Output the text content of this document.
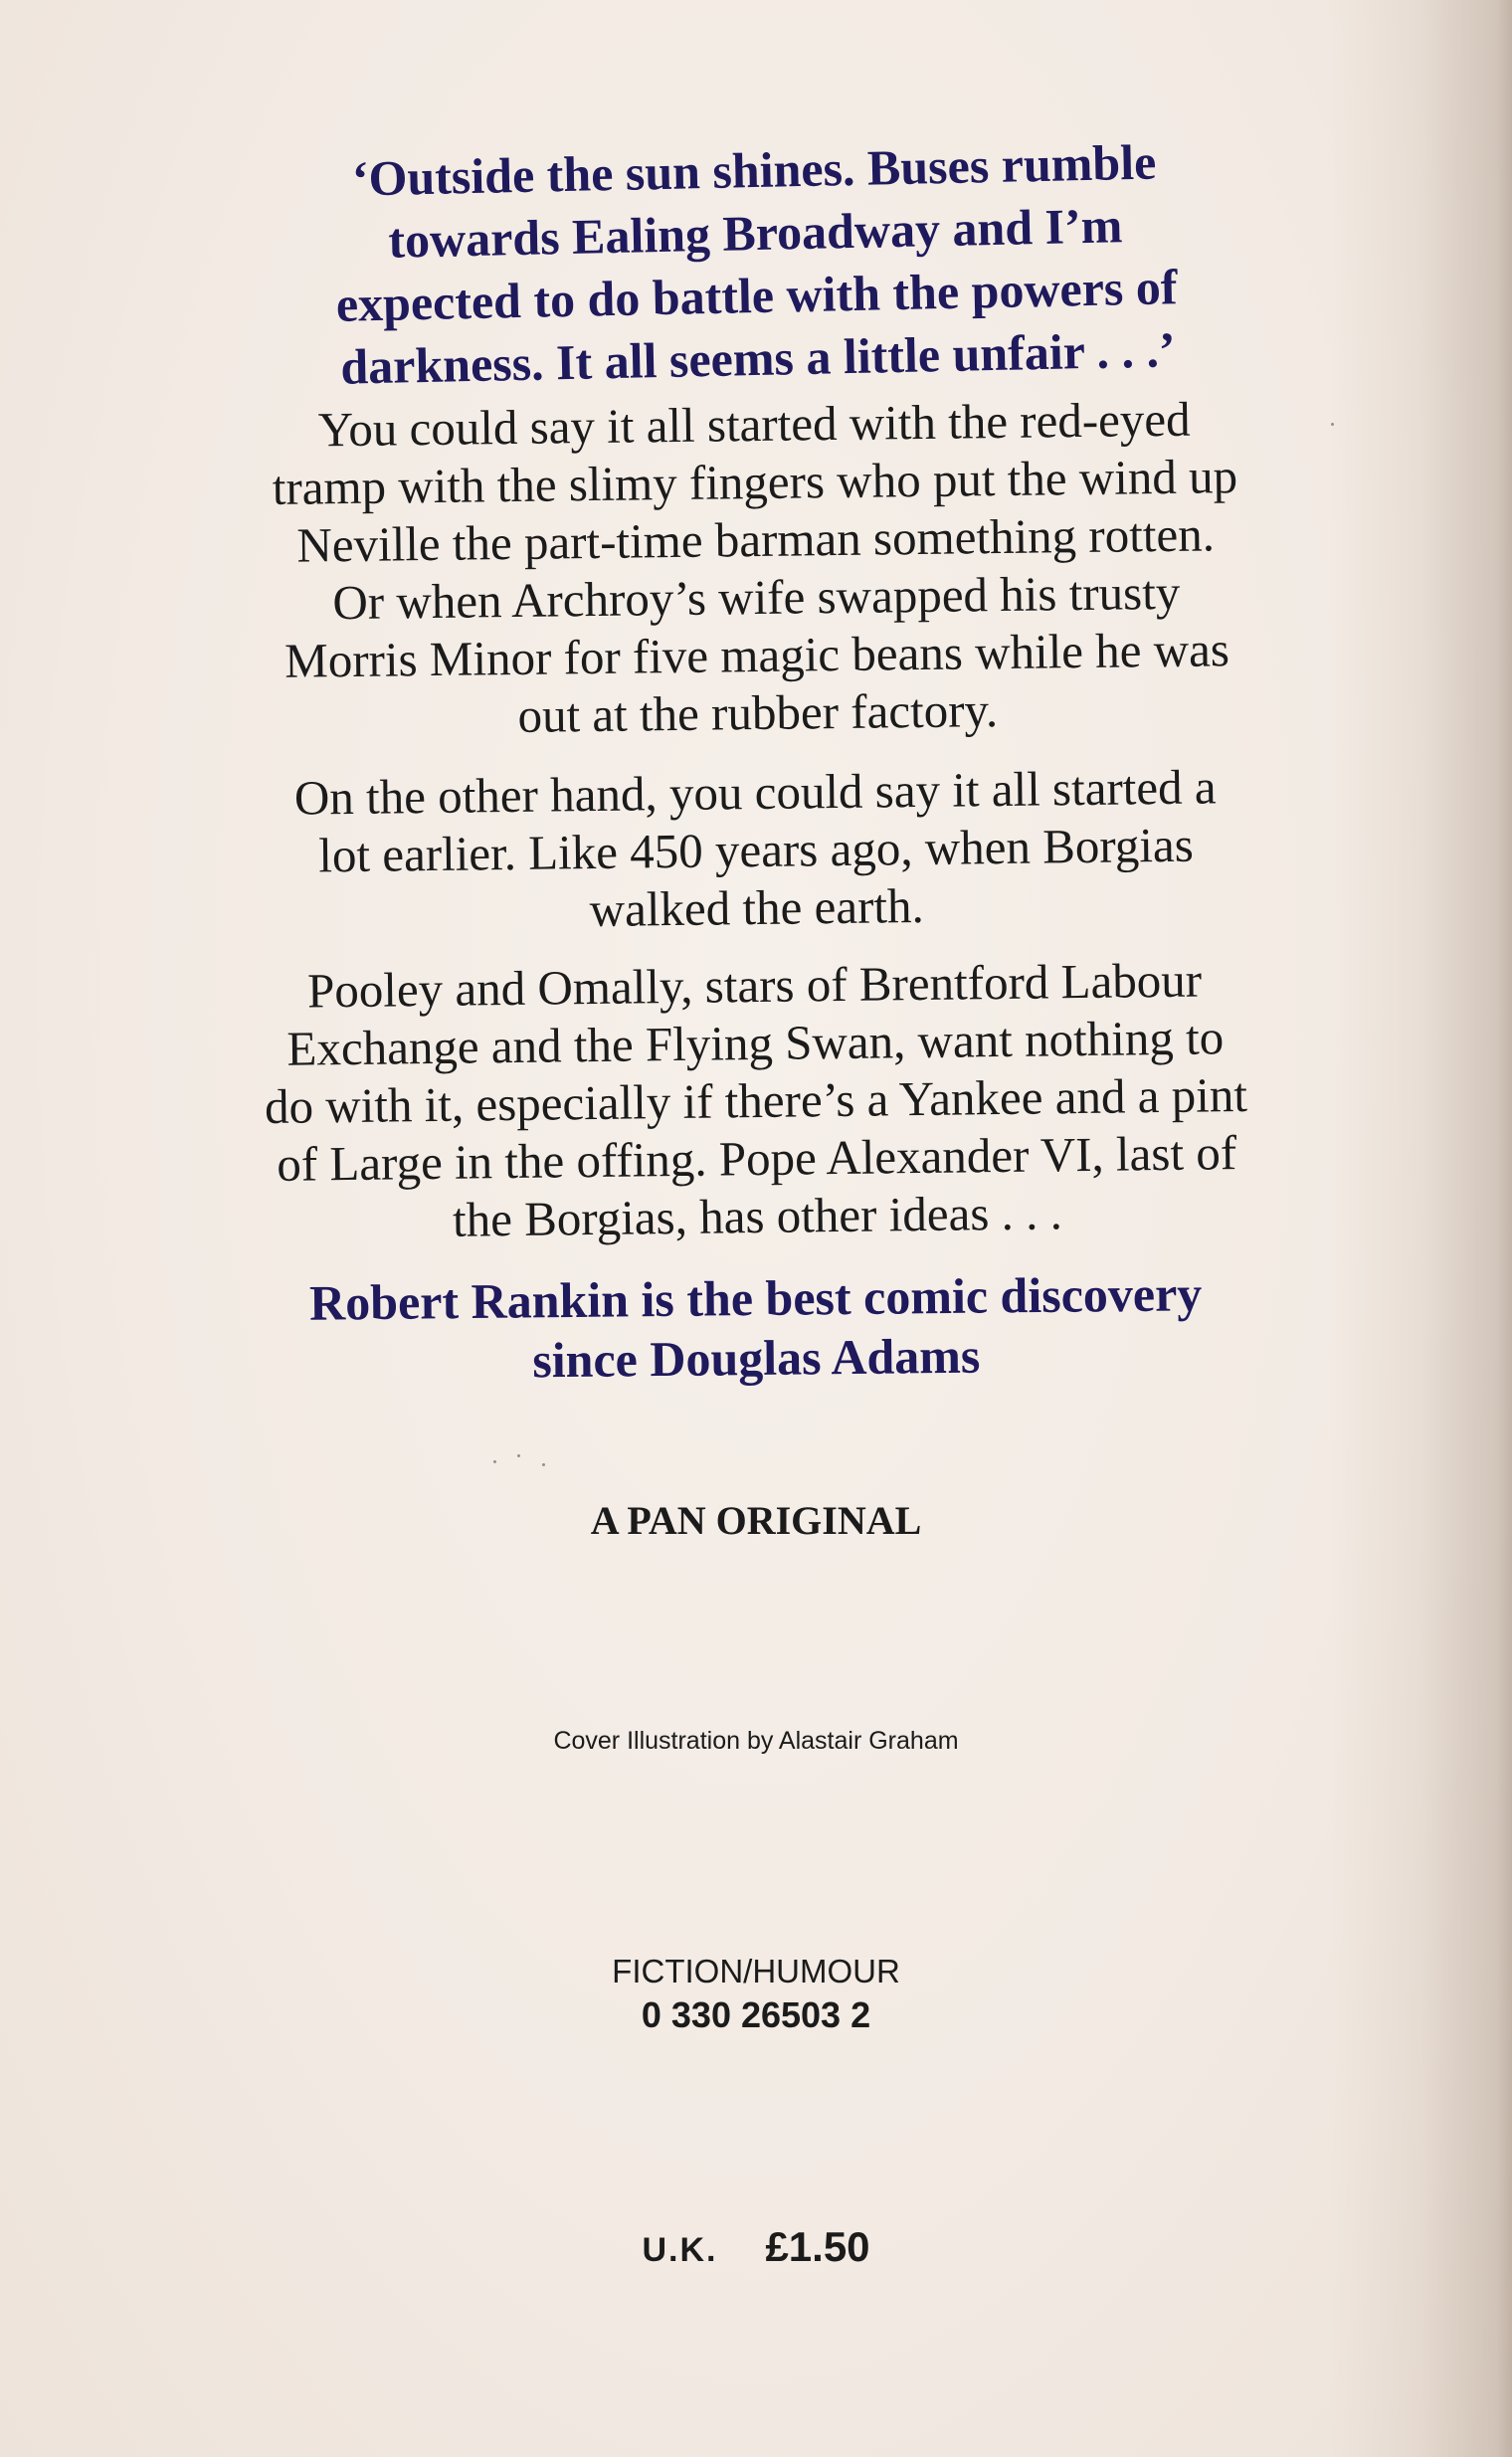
‘Outside the sun shines. Buses rumble
towards Ealing Broadway and I’m
expected to do battle with the powers of
darkness. It all seems a little unfair . . .’

You could say it all started with the red-eyed
tramp with the slimy fingers who put the wind up
Neville the part-time barman something rotten.
Or when Archroy’s wife swapped his trusty
Morris Minor for five magic beans while he was
out at the rubber factory.

On the other hand, you could say it all started a
lot earlier. Like 450 years ago, when Borgias
walked the earth.

Pooley and Omally, stars of Brentford Labour
Exchange and the Flying Swan, want nothing to
do with it, especially if there’s a Yankee and a pint
of Large in the offing. Pope Alexander VI, last of
the Borgias, has other ideas . . .

Robert Rankin is the best comic discovery
since Douglas Adams

A PAN ORIGINAL

Cover Illustration by Alastair Graham

FICTION/HUMOUR

0 330 26503 2

U.K. £1.50
